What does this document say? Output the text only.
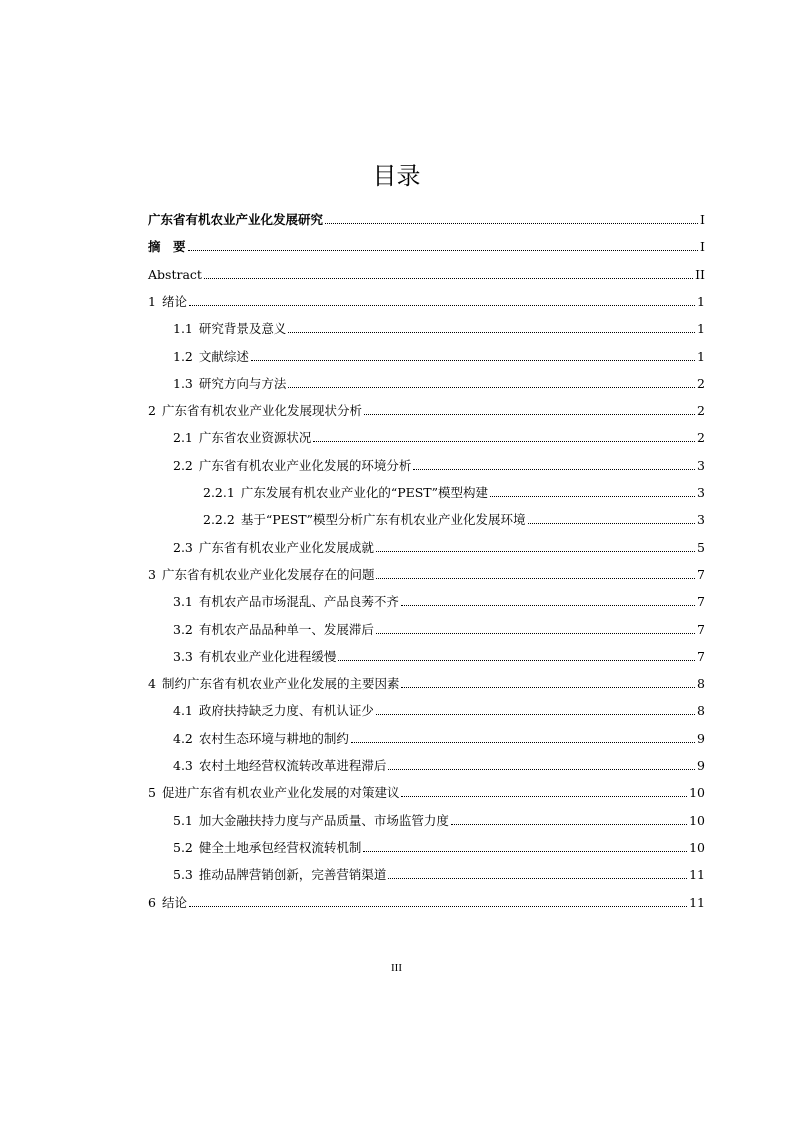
目录
广东省有机农业产业化发展研究	I
摘　要	I
Abstract	II
1 绪论	1
1.1 研究背景及意义	1
1.2 文献综述	1
1.3 研究方向与方法	2
2 广东省有机农业产业化发展现状分析	2
2.1 广东省农业资源状况	2
2.2 广东省有机农业产业化发展的环境分析	3
2.2.1 广东发展有机农业产业化的“PEST”模型构建	3
2.2.2 基于“PEST”模型分析广东有机农业产业化发展环境	3
2.3 广东省有机农业产业化发展成就	5
3 广东省有机农业产业化发展存在的问题	7
3.1 有机农产品市场混乱、产品良莠不齐	7
3.2 有机农产品品种单一、发展滞后	7
3.3 有机农业产业化进程缓慢	7
4 制约广东省有机农业产业化发展的主要因素	8
4.1 政府扶持缺乏力度、有机认证少	8
4.2 农村生态环境与耕地的制约	9
4.3 农村土地经营权流转改革进程滞后	9
5 促进广东省有机农业产业化发展的对策建议	10
5.1 加大金融扶持力度与产品质量、市场监管力度	10
5.2 健全土地承包经营权流转机制	10
5.3 推动品牌营销创新，完善营销渠道	11
6 结论	11
III
